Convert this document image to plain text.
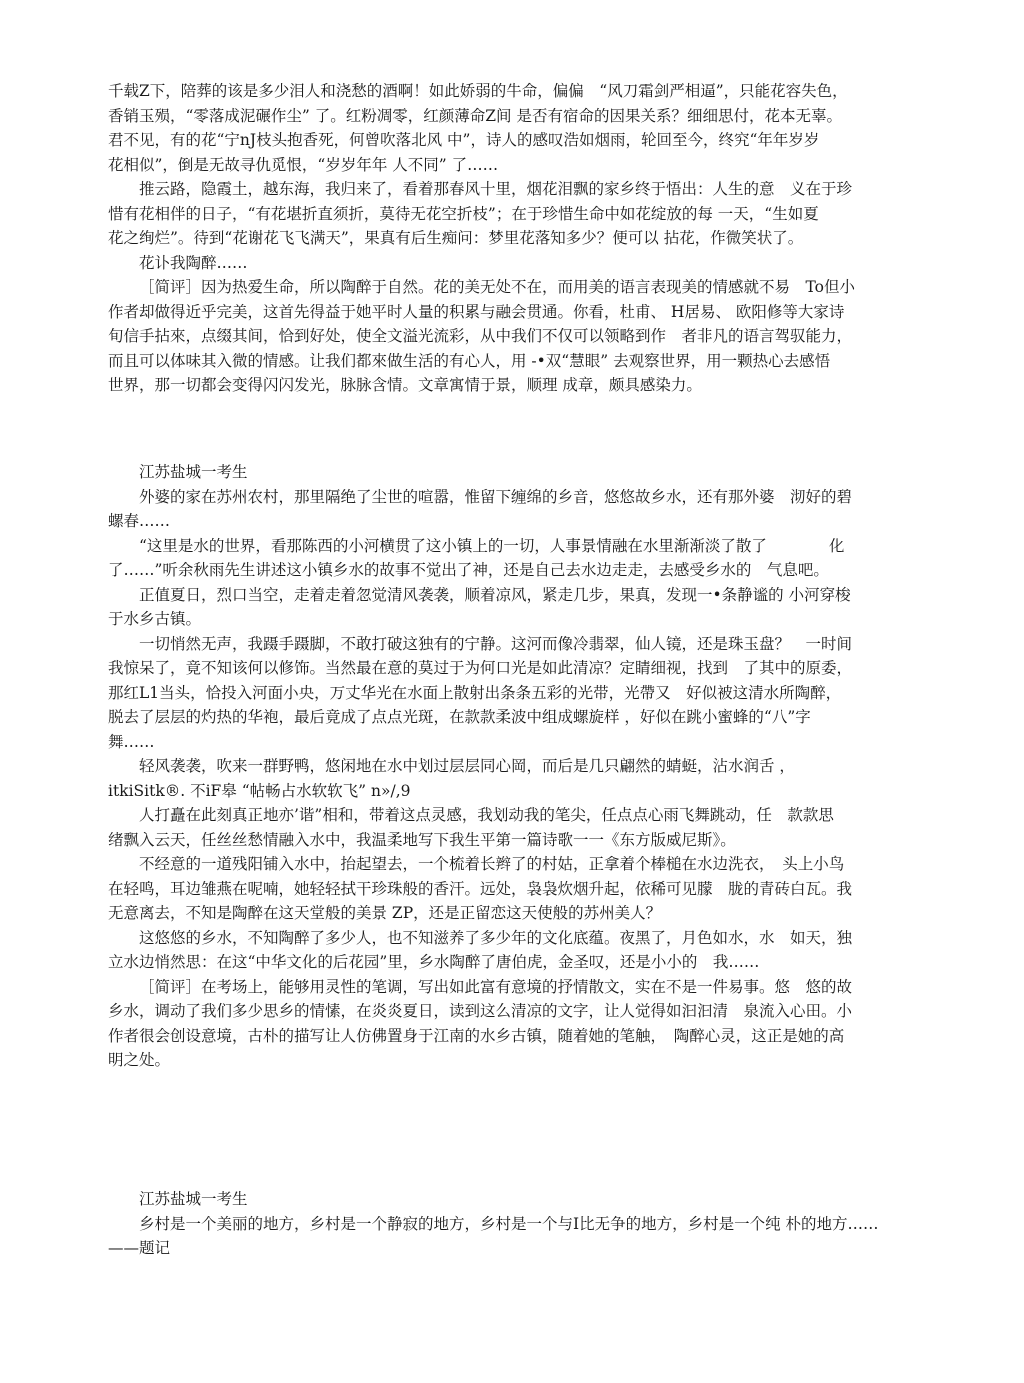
千载Z下，陪葬的该是多少泪人和浇愁的酒啊！如此娇弱的牛命，偏偏　“风刀霜剑严相逼”，只能花容失色，
香销玉殒，“零落成泥碾作尘” 了。红粉凋零，红颜薄命Z间 是否有宿命的因果关系？细细思付，花本无辜。
君不见，有的花“宁nJ枝头抱香死，何曾吹落北风 中”，诗人的感叹浩如烟雨，轮回至今，终究“年年岁岁
花相似”，倒是无故寻仇觅恨，“岁岁年年 人不同” 了……
推云路，隐霞土，越东海，我归来了，看着那春风十里，烟花泪飘的家乡终于悟出：人生的意　义在于珍
惜有花相伴的日子，“有花堪折直须折，莫待无花空折枝”；在于珍惜生命中如花绽放的每 一天，“生如夏
花之绚烂”。待到“花谢花飞飞满天”，果真有后生痴问：梦里花落知多少？便可以 拈花，作微笑状了。
花讣我陶醉……
［简评］因为热爱生命，所以陶醉于自然。花的美无处不在，而用美的语言表现美的情感就不易　To但小
作者却做得近乎完美，这首先得益于她平时人量的积累与融会贯通。你看，杜甫、 H居易、 欧阳修等大家诗
旬信手拈來，点缀其间，恰到好处，使全文溢光流彩，从中我们不仅可以领略到作　者非凡的语言驾驭能力，
而且可以体味其入微的情感。让我们都來做生活的有心人，用 -•双“慧眼” 去观察世界，用一颗热心去感悟
世界，那一切都会变得闪闪发光，脉脉含情。文章寓情于景，顺理 成章，颇具感染力。
江苏盐城一考生
外婆的家在苏州农村，那里隔绝了尘世的喧嚣，惟留下缠绵的乡音，悠悠故乡水，还有那外婆　沏好的碧
螺春……
“这里是水的世界，看那陈西的小河横贯了这小镇上的一切，人事景情融在水里渐渐淡了散了　　　　化
了……”听余秋雨先生讲述这小镇乡水的故事不觉出了神，还是自己去水边走走，去感受乡水的　气息吧。
正值夏日，烈口当空，走着走着忽觉清风袭袭，顺着凉风，紧走几步，果真，发现一•条静谧的 小河穿梭
于水乡古镇。
一切悄然无声，我蹑手蹑脚，不敢打破这独有的宁静。这河而像冷翡翠，仙人镜，还是珠玉盘？　一时间
我惊呆了，竟不知该何以修饰。当然最在意的莫过于为何口光是如此清凉？定睛细视，找到　了其中的原委，
那红L1当头，恰投入河面小央，万丈华光在水面上散射出条条五彩的光带，光帶又　好似被这清水所陶醉，
脱去了层层的灼热的华袍，最后竟成了点点光斑，在款款柔波中组成螺旋样 ，好似在跳小蜜蜂的“八”字
舞……
轻风袭袭，吹来一群野鸭，悠闲地在水中划过层层同心岡，而后是几只翩然的蜻蜓，沾水润舌 ，
itkiSitk®. 不iF皋 “帖畅占水软软飞” n»/,9
人打矗在此刻真正地亦’谐”相和，带着这点灵感，我划动我的笔尖，任点点心雨飞舞跳动，任　款款思
绪飘入云天，任丝丝愁情融入水中，我温柔地写下我生平第一篇诗歌一一《东方版威尼斯》。
不经意的一道残阳铺入水中，抬起望去，一个梳着长辫了的村姑，正拿着个棒槌在水边洗衣，　头上小鸟
在轻鸣，耳边雏燕在呢喃，她轻轻拭干珍珠般的香汗。远处，袅袅炊烟升起，依稀可见朦　胧的青砖白瓦。我
无意离去，不知是陶醉在这天堂般的美景 ZP，还是正留恋这天使般的苏州美人？
这悠悠的乡水，不知陶醉了多少人，也不知滋养了多少年的文化底蕴。夜黑了，月色如水，水　如天，独
立水边悄然思：在这“中华文化的后花园”里，乡水陶醉了唐伯虎，金圣叹，还是小小的　我……
［简评］在考场上，能够用灵性的笔调，写出如此富有意境的抒情散文，实在不是一件易事。悠　悠的故
乡水，调动了我们多少思乡的情愫，在炎炎夏日，读到这么清凉的文字，让人觉得如汩汩清　泉流入心田。小
作者很会创设意境，古朴的描写让人仿佛置身于江南的水乡古镇，随着她的笔触，　陶醉心灵，这正是她的高
明之处。
江苏盐城一考生
乡村是一个美丽的地方，乡村是一个静寂的地方，乡村是一个与I比无争的地方，乡村是一个纯 朴的地方……
——题记
